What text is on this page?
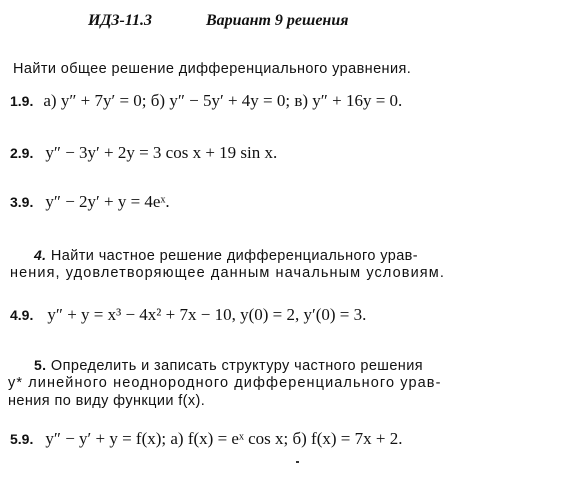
ИДЗ-11.3	Вариант 9 решения
Найти общее решение дифференциального уравнения.
1.9. а) y″ + 7y′ = 0; б) y″ − 5y′ + 4y = 0; в) y″ + 16y = 0.
2.9. y″ − 3y′ + 2y = 3 cos x + 19 sin x.
3.9. y″ − 2y′ + y = 4eˣ.
4. Найти частное решение дифференциального урав-
нения, удовлетворяющее данным начальным условиям.
4.9. y″ + y = x³ − 4x² + 7x − 10, y(0) = 2, y′(0) = 3.
5. Определить и записать структуру частного решения
y* линейного неоднородного дифференциального урав-
нения по виду функции f(x).
5.9. y″ − y′ + y = f(x); а) f(x) = eˣ cos x; б) f(x) = 7x + 2.
